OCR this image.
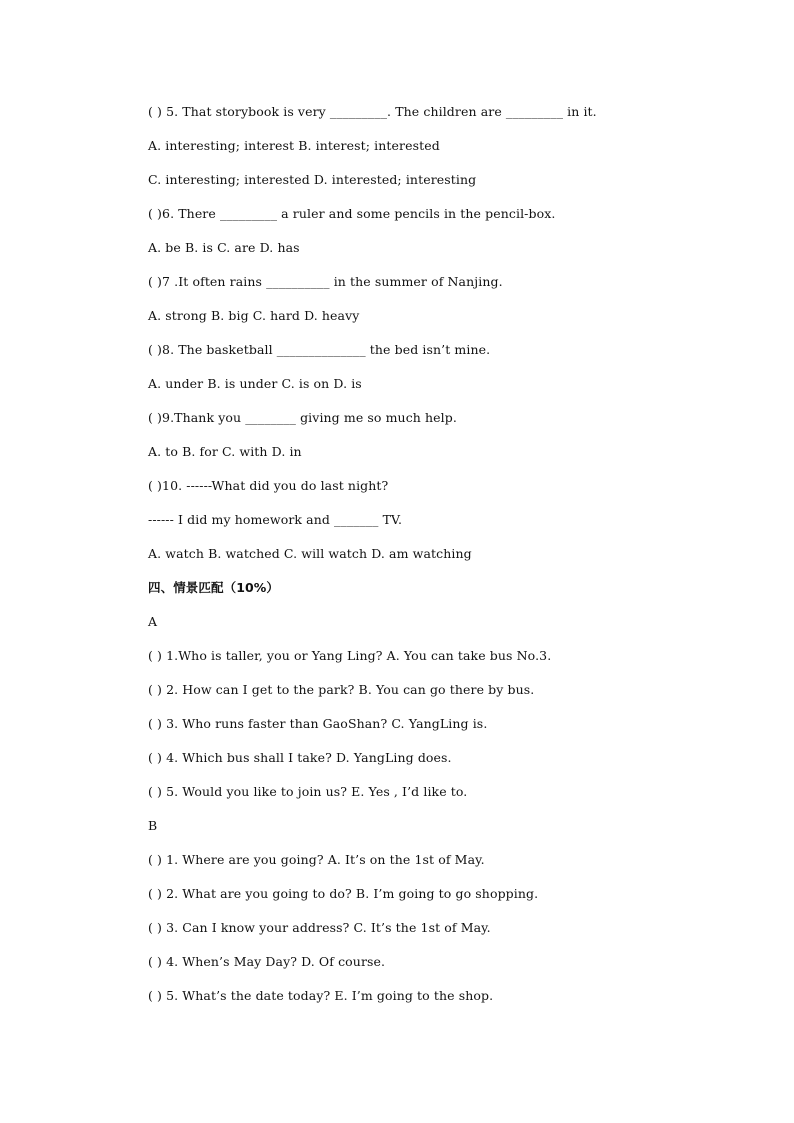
( ) 5. That storybook is very _________. The children are _________ in it.
A. interesting; interest B. interest; interested
C. interesting; interested D. interested; interesting
( )6. There _________ a ruler and some pencils in the pencil-box.
A. be B. is C. are D. has
( )7 .It often rains __________ in the summer of Nanjing.
A. strong B. big C. hard D. heavy
( )8. The basketball ______________ the bed isn’t mine.
A. under B. is under C. is on D. is
( )9.Thank you ________ giving me so much help.
A. to B. for C. with D. in
( )10. ------What did you do last night?
------ I did my homework and _______ TV.
A. watch B. watched C. will watch D. am watching
四、情景匹配（10%）
A
( ) 1.Who is taller, you or Yang Ling? A. You can take bus No.3.
( ) 2. How can I get to the park? B. You can go there by bus.
( ) 3. Who runs faster than GaoShan? C. YangLing is.
( ) 4. Which bus shall I take? D. YangLing does.
( ) 5. Would you like to join us? E. Yes , I’d like to.
B
( ) 1. Where are you going? A. It’s on the 1st of May.
( ) 2. What are you going to do? B. I’m going to go shopping.
( ) 3. Can I know your address? C. It’s the 1st of May.
( ) 4. When’s May Day? D. Of course.
( ) 5. What’s the date today? E. I’m going to the shop.
